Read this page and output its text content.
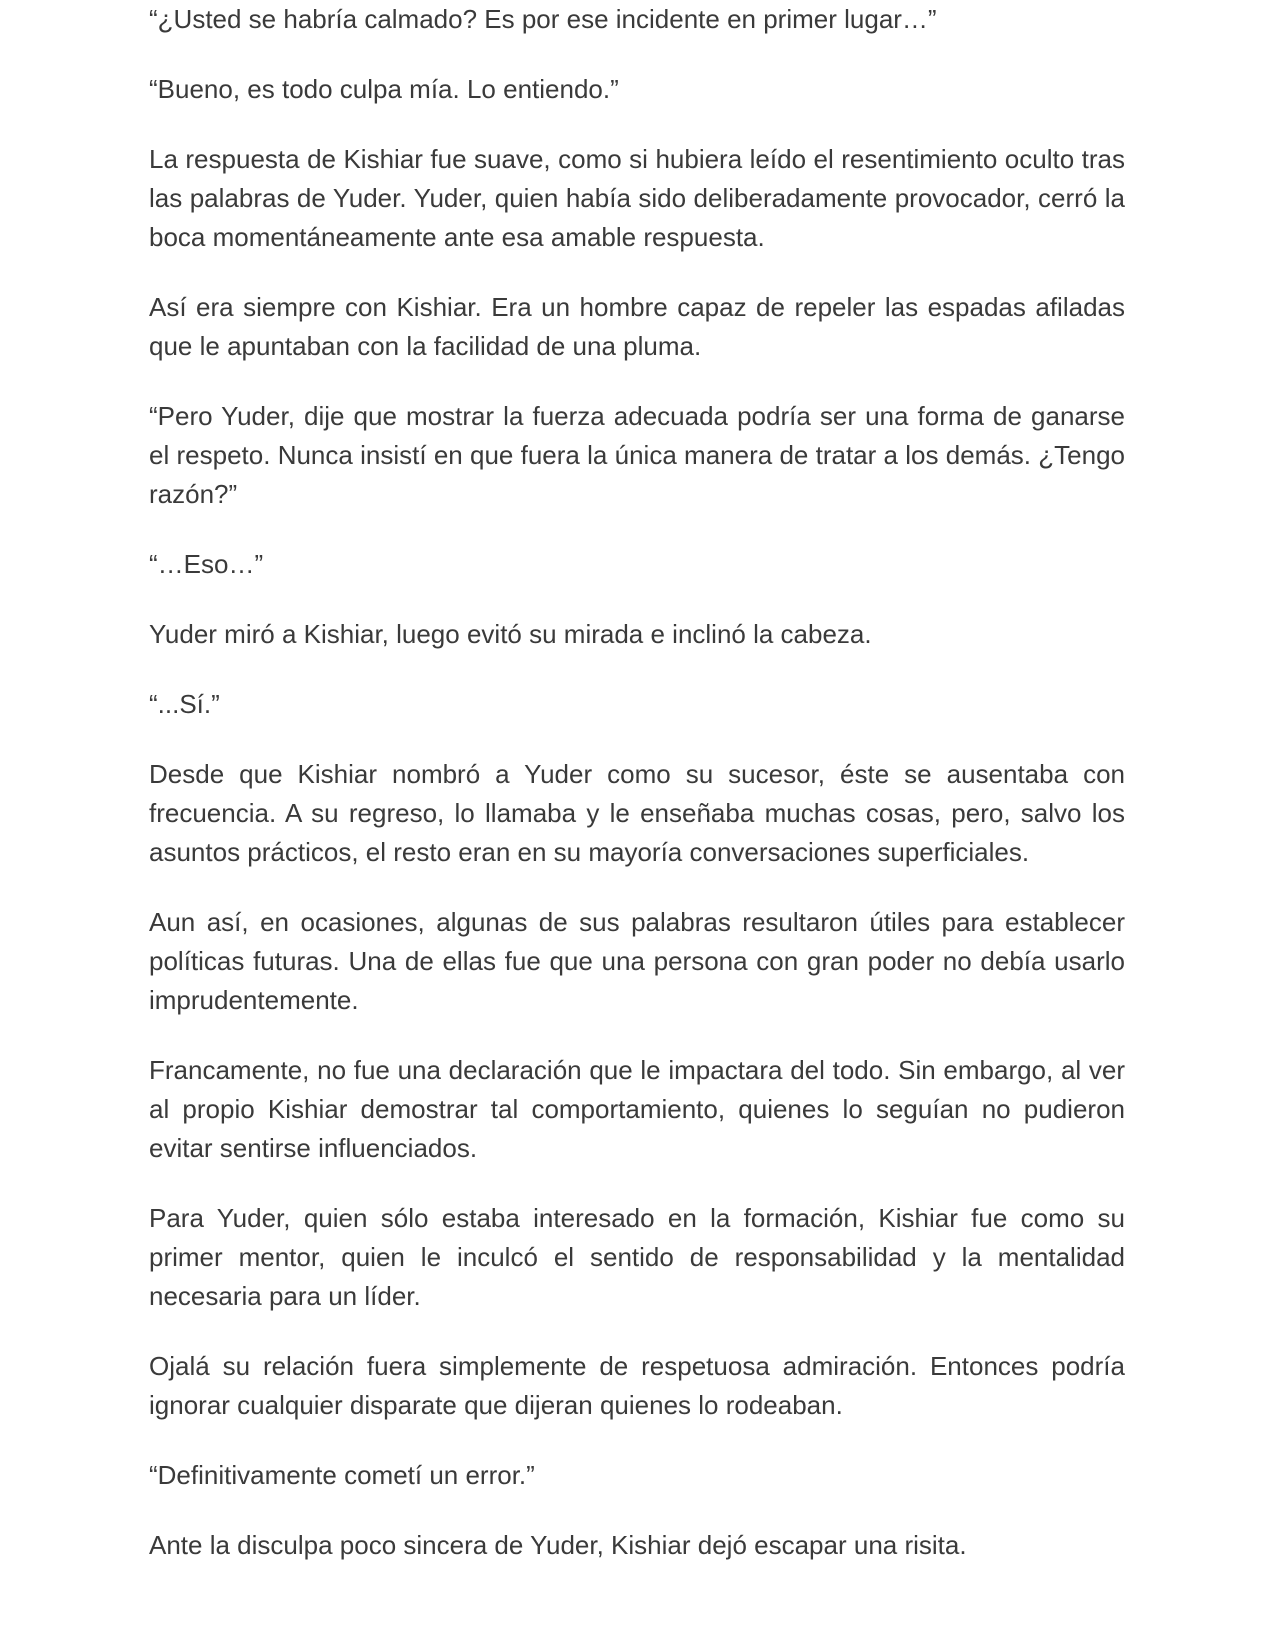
“¿Usted se habría calmado? Es por ese incidente en primer lugar…”

“Bueno, es todo culpa mía. Lo entiendo.”

La respuesta de Kishiar fue suave, como si hubiera leído el resentimiento oculto tras las palabras de Yuder. Yuder, quien había sido deliberadamente provocador, cerró la boca momentáneamente ante esa amable respuesta.

Así era siempre con Kishiar. Era un hombre capaz de repeler las espadas afiladas que le apuntaban con la facilidad de una pluma.

“Pero Yuder, dije que mostrar la fuerza adecuada podría ser una forma de ganarse el respeto. Nunca insistí en que fuera la única manera de tratar a los demás. ¿Tengo razón?”

“…Eso…”

Yuder miró a Kishiar, luego evitó su mirada e inclinó la cabeza.

“...Sí.”

Desde que Kishiar nombró a Yuder como su sucesor, éste se ausentaba con frecuencia. A su regreso, lo llamaba y le enseñaba muchas cosas, pero, salvo los asuntos prácticos, el resto eran en su mayoría conversaciones superficiales.

Aun así, en ocasiones, algunas de sus palabras resultaron útiles para establecer políticas futuras. Una de ellas fue que una persona con gran poder no debía usarlo imprudentemente.

Francamente, no fue una declaración que le impactara del todo. Sin embargo, al ver al propio Kishiar demostrar tal comportamiento, quienes lo seguían no pudieron evitar sentirse influenciados.

Para Yuder, quien sólo estaba interesado en la formación, Kishiar fue como su primer mentor, quien le inculcó el sentido de responsabilidad y la mentalidad necesaria para un líder.

Ojalá su relación fuera simplemente de respetuosa admiración. Entonces podría ignorar cualquier disparate que dijeran quienes lo rodeaban.

“Definitivamente cometí un error.”

Ante la disculpa poco sincera de Yuder, Kishiar dejó escapar una risita.
